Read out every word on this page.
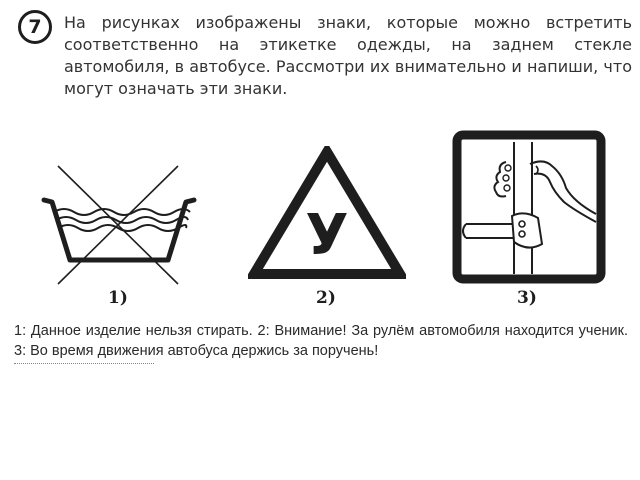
7 На рисунках изображены знаки, которые можно встретить соответственно на этикетке одежды, на заднем стекле автомобиля, в автобусе. Рассмотри их внимательно и напиши, что могут означать эти знаки.

1)
У
2)	3)

1: Данное изделие нельзя стирать. 2: Внимание! За рулём автомобиля находится ученик. 3: Во время движения автобуса держись за поручень!
